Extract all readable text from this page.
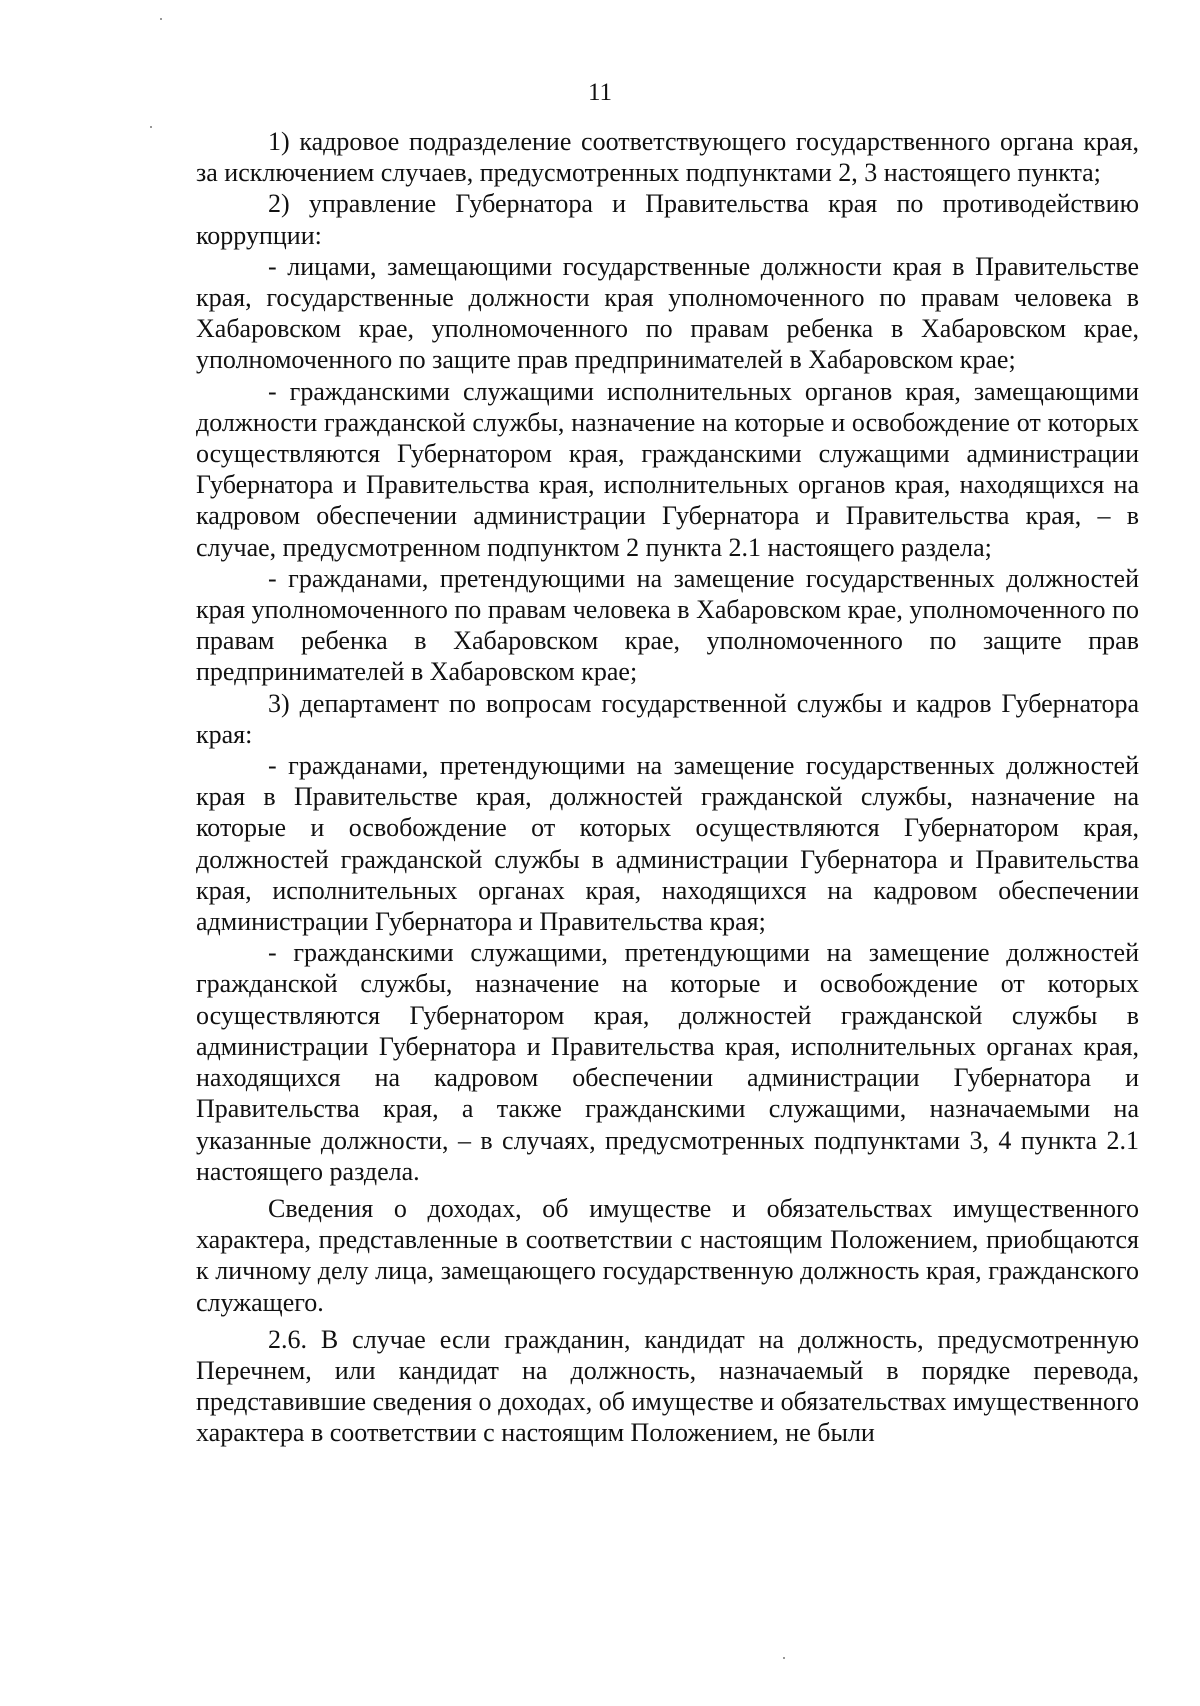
11

1) кадровое подразделение соответствующего государственного органа края, за исключением случаев, предусмотренных подпунктами 2, 3 настоящего пункта;

2) управление Губернатора и Правительства края по противодействию коррупции:

- лицами, замещающими государственные должности края в Правительстве края, государственные должности края уполномоченного по правам человека в Хабаровском крае, уполномоченного по правам ребенка в Хабаровском крае, уполномоченного по защите прав предпринимателей в Хабаровском крае;

- гражданскими служащими исполнительных органов края, замещающими должности гражданской службы, назначение на которые и освобождение от которых осуществляются Губернатором края, гражданскими служащими администрации Губернатора и Правительства края, исполнительных органов края, находящихся на кадровом обеспечении администрации Губернатора и Правительства края, – в случае, предусмотренном подпунктом 2 пункта 2.1 настоящего раздела;

- гражданами, претендующими на замещение государственных должностей края уполномоченного по правам человека в Хабаровском крае, уполномоченного по правам ребенка в Хабаровском крае, уполномоченного по защите прав предпринимателей в Хабаровском крае;

3) департамент по вопросам государственной службы и кадров Губернатора края:

- гражданами, претендующими на замещение государственных должностей края в Правительстве края, должностей гражданской службы, назначение на которые и освобождение от которых осуществляются Губернатором края, должностей гражданской службы в администрации Губернатора и Правительства края, исполнительных органах края, находящихся на кадровом обеспечении администрации Губернатора и Правительства края;

- гражданскими служащими, претендующими на замещение должностей гражданской службы, назначение на которые и освобождение от которых осуществляются Губернатором края, должностей гражданской службы в администрации Губернатора и Правительства края, исполнительных органах края, находящихся на кадровом обеспечении администрации Губернатора и Правительства края, а также гражданскими служащими, назначаемыми на указанные должности, – в случаях, предусмотренных подпунктами 3, 4 пункта 2.1 настоящего раздела.

Сведения о доходах, об имуществе и обязательствах имущественного характера, представленные в соответствии с настоящим Положением, приобщаются к личному делу лица, замещающего государственную должность края, гражданского служащего.

2.6. В случае если гражданин, кандидат на должность, предусмотренную Перечнем, или кандидат на должность, назначаемый в порядке перевода, представившие сведения о доходах, об имуществе и обязательствах имущественного характера в соответствии с настоящим Положением, не были
